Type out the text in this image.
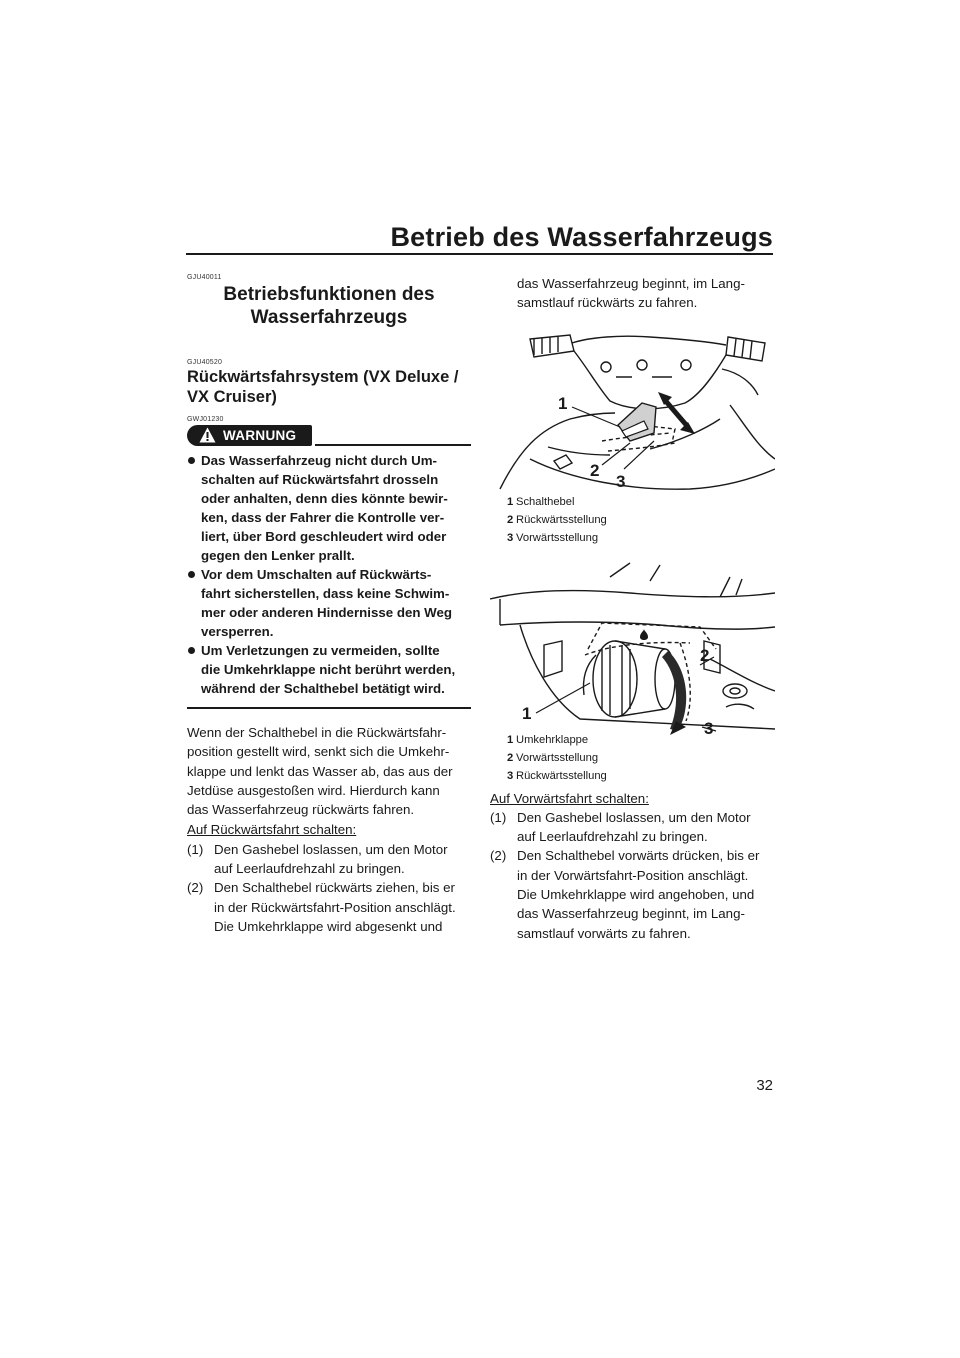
Betrieb des Wasserfahrzeugs
GJU40011
Betriebsfunktionen des
Wasserfahrzeugs
GJU40520
Rückwärtsfahrsystem (VX Deluxe /
VX Cruiser)
GWJ01230
WARNUNG
Das Wasserfahrzeug nicht durch Um-
schalten auf Rückwärtsfahrt drosseln
oder anhalten, denn dies könnte bewir-
ken, dass der Fahrer die Kontrolle ver-
liert, über Bord geschleudert wird oder
gegen den Lenker prallt.
Vor dem Umschalten auf Rückwärts-
fahrt sicherstellen, dass keine Schwim-
mer oder anderen Hindernisse den Weg
versperren.
Um Verletzungen zu vermeiden, sollte
die Umkehrklappe nicht berührt werden,
während der Schalthebel betätigt wird.

Wenn der Schalthebel in die Rückwärtsfahr-
position gestellt wird, senkt sich die Umkehr-
klappe und lenkt das Wasser ab, das aus der
Jetdüse ausgestoßen wird. Hierdurch kann
das Wasserfahrzeug rückwärts fahren.

Auf Rückwärtsfahrt schalten:
(1) Den Gashebel loslassen, um den Motor
auf Leerlaufdrehzahl zu bringen.
(2) Den Schalthebel rückwärts ziehen, bis er
in der Rückwärtsfahrt-Position anschlägt.
Die Umkehrklappe wird abgesenkt und

das Wasserfahrzeug beginnt, im Lang-
samstlauf rückwärts zu fahren.

1
2
3
1 Schalthebel
2 Rückwärtsstellung
3 Vorwärtsstellung
2
1
3
1 Umkehrklappe
2 Vorwärtsstellung
3 Rückwärtsstellung
Auf Vorwärtsfahrt schalten:
(1) Den Gashebel loslassen, um den Motor
auf Leerlaufdrehzahl zu bringen.
(2) Den Schalthebel vorwärts drücken, bis er
in der Vorwärtsfahrt-Position anschlägt.
Die Umkehrklappe wird angehoben, und
das Wasserfahrzeug beginnt, im Lang-
samstlauf vorwärts zu fahren.
32
